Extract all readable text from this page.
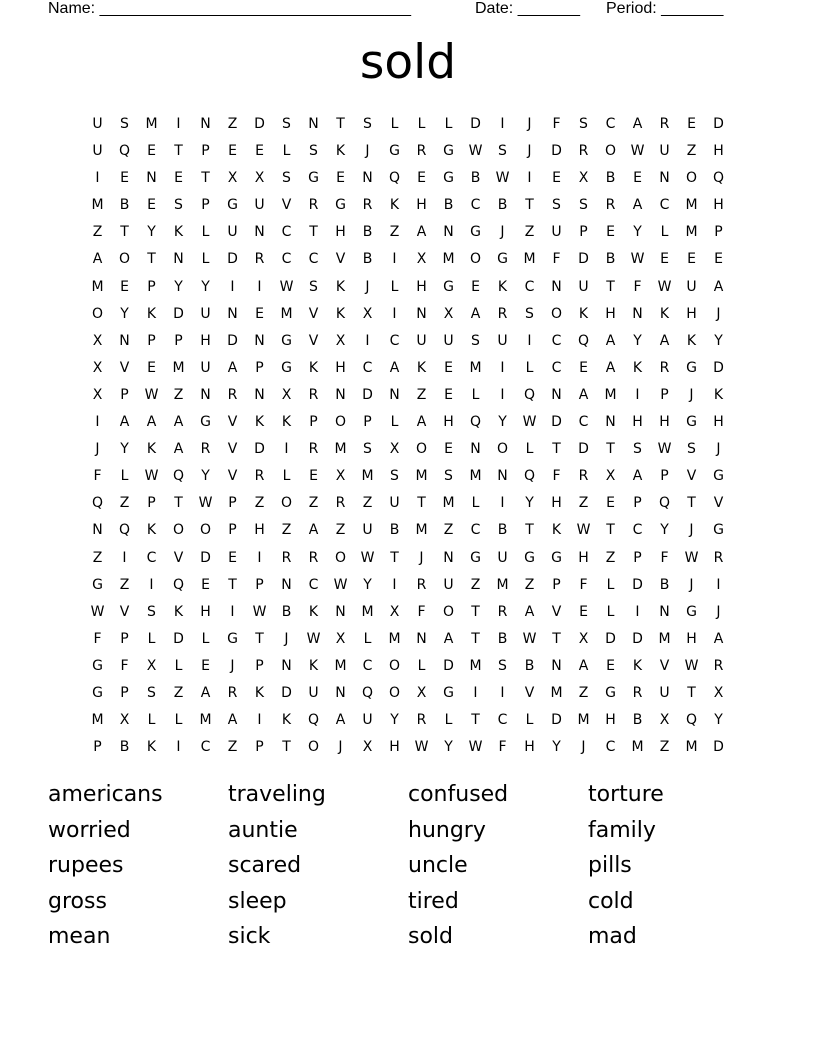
Name: ___________________________________	Date: _______ Period: _______
sold
U	S	M	I	N	Z	D	S	N	T	S	L	L	L	D	I	J	F	S	C	A	R	E	D
U	Q	E	T	P	E	E	L	S	K	J	G	R	G	W	S	J	D	R	O	W	U	Z	H
I	E	N	E	T	X	X	S	G	E	N	Q	E	G	B	W	I	E	X	B	E	N	O	Q
M	B	E	S	P	G	U	V	R	G	R	K	H	B	C	B	T	S	S	R	A	C	M	H
Z	T	Y	K	L	U	N	C	T	H	B	Z	A	N	G	J	Z	U	P	E	Y	L	M	P
A	O	T	N	L	D	R	C	C	V	B	I	X	M	O	G	M	F	D	B	W	E	E	E
M	E	P	Y	Y	I	I	W	S	K	J	L	H	G	E	K	C	N	U	T	F	W	U	A
O	Y	K	D	U	N	E	M	V	K	X	I	N	X	A	R	S	O	K	H	N	K	H	J
X	N	P	P	H	D	N	G	V	X	I	C	U	U	S	U	I	C	Q	A	Y	A	K	Y
X	V	E	M	U	A	P	G	K	H	C	A	K	E	M	I	L	C	E	A	K	R	G	D
X	P	W	Z	N	R	N	X	R	N	D	N	Z	E	L	I	Q	N	A	M	I	P	J	K
I	A	A	A	G	V	K	K	P	O	P	L	A	H	Q	Y	W	D	C	N	H	H	G	H
J	Y	K	A	R	V	D	I	R	M	S	X	O	E	N	O	L	T	D	T	S	W	S	J
F	L	W	Q	Y	V	R	L	E	X	M	S	M	S	M	N	Q	F	R	X	A	P	V	G
Q	Z	P	T	W	P	Z	O	Z	R	Z	U	T	M	L	I	Y	H	Z	E	P	Q	T	V
N	Q	K	O	O	P	H	Z	A	Z	U	B	M	Z	C	B	T	K	W	T	C	Y	J	G
Z	I	C	V	D	E	I	R	R	O	W	T	J	N	G	U	G	G	H	Z	P	F	W	R
G	Z	I	Q	E	T	P	N	C	W	Y	I	R	U	Z	M	Z	P	F	L	D	B	J	I
W	V	S	K	H	I	W	B	K	N	M	X	F	O	T	R	A	V	E	L	I	N	G	J
F	P	L	D	L	G	T	J	W	X	L	M	N	A	T	B	W	T	X	D	D	M	H	A
G	F	X	L	E	J	P	N	K	M	C	O	L	D	M	S	B	N	A	E	K	V	W	R
G	P	S	Z	A	R	K	D	U	N	Q	O	X	G	I	I	V	M	Z	G	R	U	T	X
M	X	L	L	M	A	I	K	Q	A	U	Y	R	L	T	C	L	D	M	H	B	X	Q	Y
P	B	K	I	C	Z	P	T	O	J	X	H	W	Y	W	F	H	Y	J	C	M	Z	M	D
americans	traveling	confused	torture
worried	auntie	hungry	family
rupees	scared	uncle	pills
gross	sleep	tired	cold
mean	sick	sold	mad
